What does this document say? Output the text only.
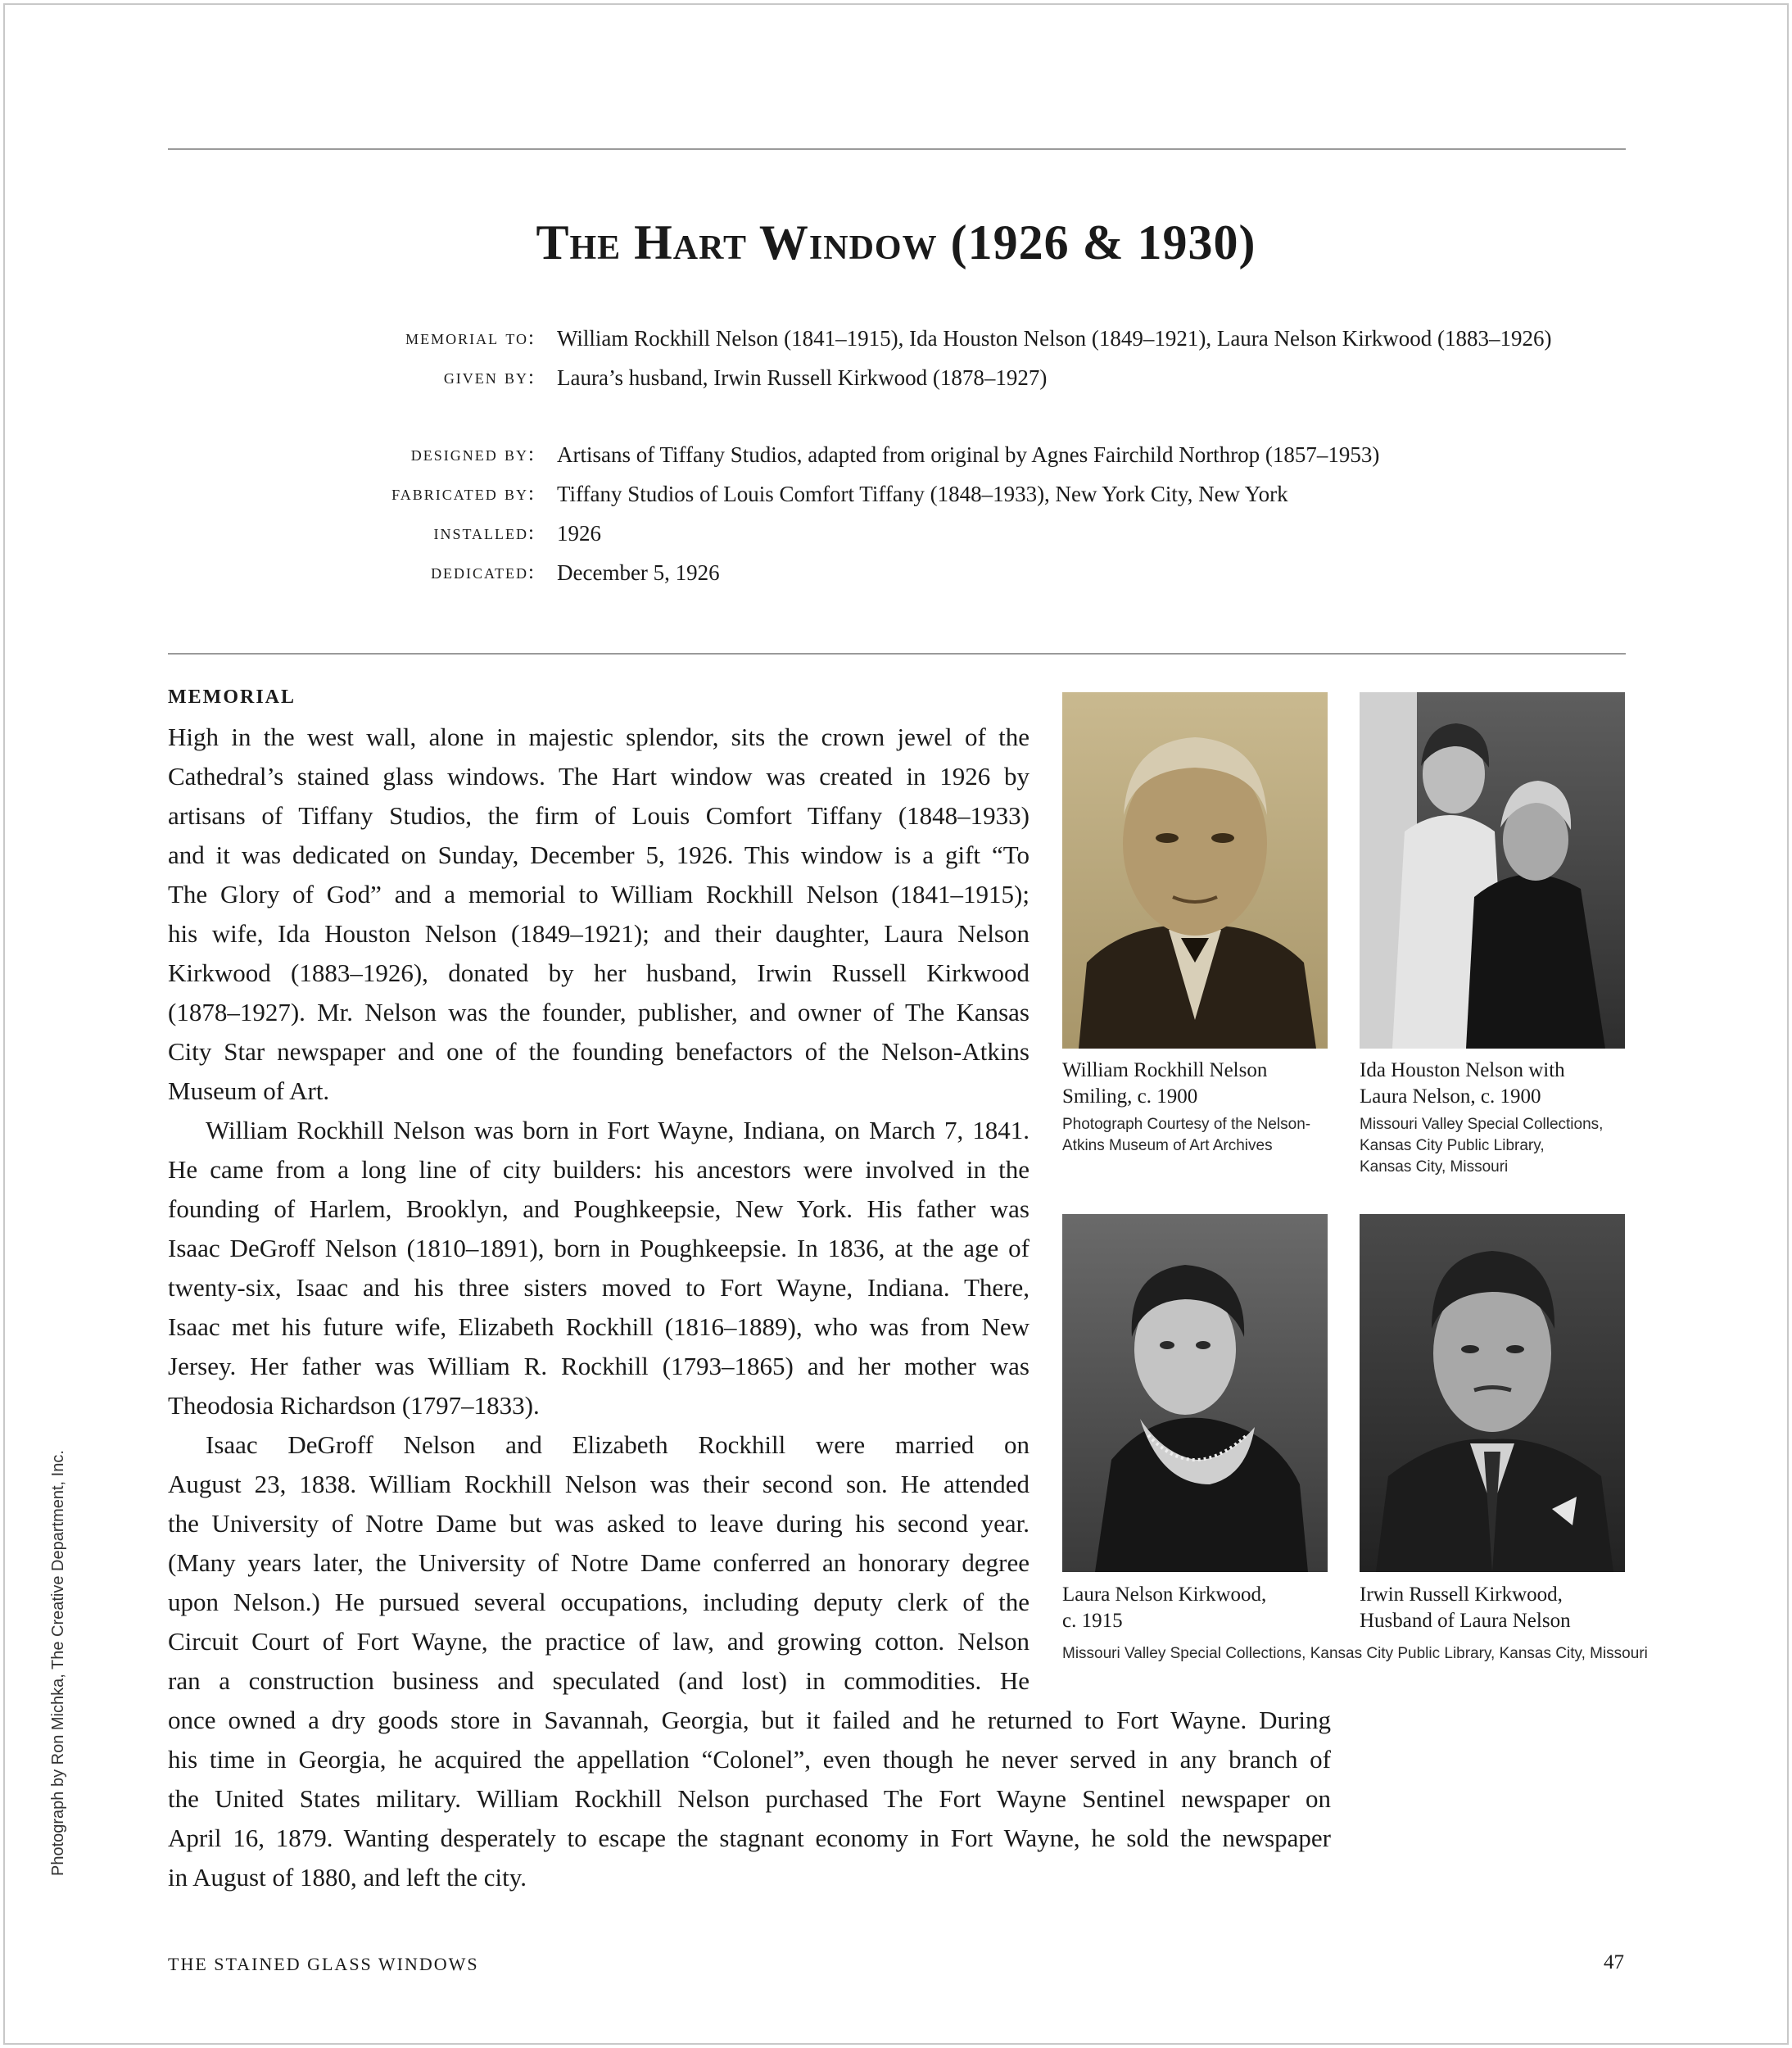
The Hart Window (1926 & 1930)
memorial to: William Rockhill Nelson (1841–1915), Ida Houston Nelson (1849–1921), Laura Nelson Kirkwood (1883–1926)
given by: Laura’s husband, Irwin Russell Kirkwood (1878–1927)
designed by: Artisans of Tiffany Studios, adapted from original by Agnes Fairchild Northrop (1857–1953)
fabricated by: Tiffany Studios of Louis Comfort Tiffany (1848–1933), New York City, New York
installed: 1926
dedicated: December 5, 1926
MEMORIAL
High in the west wall, alone in majestic splendor, sits the crown jewel of the
Cathedral’s stained glass windows. The Hart window was created in 1926 by
artisans of Tiffany Studios, the firm of Louis Comfort Tiffany (1848–1933)
and it was dedicated on Sunday, December 5, 1926. This window is a gift “To
The Glory of God” and a memorial to William Rockhill Nelson (1841–1915);
his wife, Ida Houston Nelson (1849–1921); and their daughter, Laura Nelson
Kirkwood (1883–1926), donated by her husband, Irwin Russell Kirkwood
(1878–1927). Mr. Nelson was the founder, publisher, and owner of The Kansas
City Star newspaper and one of the founding benefactors of the Nelson-Atkins
Museum of Art.
William Rockhill Nelson was born in Fort Wayne, Indiana, on March 7, 1841.
He came from a long line of city builders: his ancestors were involved in the
founding of Harlem, Brooklyn, and Poughkeepsie, New York. His father was
Isaac DeGroff Nelson (1810–1891), born in Poughkeepsie. In 1836, at the age of
twenty-six, Isaac and his three sisters moved to Fort Wayne, Indiana. There,
Isaac met his future wife, Elizabeth Rockhill (1816–1889), who was from New
Jersey. Her father was William R. Rockhill (1793–1865) and her mother was
Theodosia Richardson (1797–1833).
Isaac DeGroff Nelson and Elizabeth Rockhill were married on
August 23, 1838. William Rockhill Nelson was their second son. He attended
the University of Notre Dame but was asked to leave during his second year.
(Many years later, the University of Notre Dame conferred an honorary degree
upon Nelson.) He pursued several occupations, including deputy clerk of the
Circuit Court of Fort Wayne, the practice of law, and growing cotton. Nelson
ran a construction business and speculated (and lost) in commodities. He
once owned a dry goods store in Savannah, Georgia, but it failed and he returned to Fort Wayne. During
his time in Georgia, he acquired the appellation “Colonel”, even though he never served in any branch of
the United States military. William Rockhill Nelson purchased The Fort Wayne Sentinel newspaper on
April 16, 1879. Wanting desperately to escape the stagnant economy in Fort Wayne, he sold the newspaper
in August of 1880, and left the city.
William Rockhill Nelson
Smiling, c. 1900
Photograph Courtesy of the Nelson-
Atkins Museum of Art Archives
Ida Houston Nelson with
Laura Nelson, c. 1900
Missouri Valley Special Collections,
Kansas City Public Library,
Kansas City, Missouri
Laura Nelson Kirkwood,
c. 1915
Irwin Russell Kirkwood,
Husband of Laura Nelson
Missouri Valley Special Collections, Kansas City Public Library, Kansas City, Missouri
Photograph by Ron Michka, The Creative Department, Inc.
THE STAINED GLASS WINDOWS	47
